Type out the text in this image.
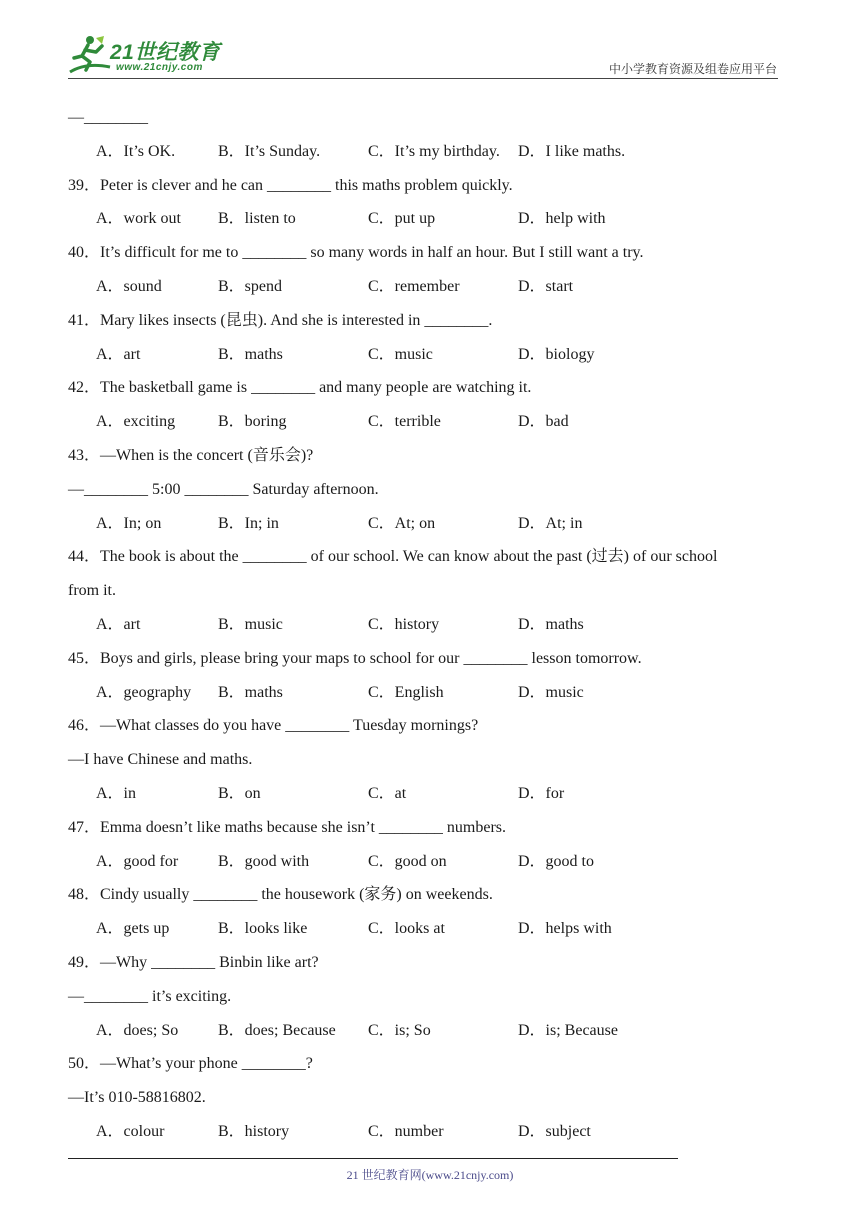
21世纪教育
www.21cnjy.com	中小学教育资源及组卷应用平台
—________
A．It’s OK.	B．It’s Sunday.	C．It’s my birthday. D．I like maths.
39．Peter is clever and he can ________ this maths problem quickly.
A．work out B．listen to	C．put up	D．help with
40．It’s difficult for me to ________ so many words in half an hour. But I still want a try.
A．sound	B．spend	C．remember	D．start
41．Mary likes insects (昆虫). And she is interested in ________.
A．art	B．maths	C．music	D．biology
42．The basketball game is ________ and many people are watching it.
A．exciting	B．boring	C．terrible	D．bad
43．—When is the concert (音乐会)?
—________ 5:00 ________ Saturday afternoon.
A．In; on	B．In; in	C．At; on	D．At; in
44．The book is about the ________ of our school. We can know about the past (过去) of our school
from it.
A．art	B．music	C．history	D．maths
45．Boys and girls, please bring your maps to school for our ________ lesson tomorrow.
A．geography B．maths	C．English	D．music
46．—What classes do you have ________ Tuesday mornings?
—I have Chinese and maths.
A．in	B．on	C．at	D．for
47．Emma doesn’t like maths because she isn’t ________ numbers.
A．good for B．good with	C．good on	D．good to
48．Cindy usually ________ the housework (家务) on weekends.
A．gets up	B．looks like	C．looks at	D．helps with
49．—Why ________ Binbin like art?
—________ it’s exciting.
A．does; So B．does; Because C．is; So	D．is; Because
50．—What’s your phone ________?
—It’s 010-58816802.
A．colour	B．history	C．number	D．subject
21 世纪教育网(www.21cnjy.com)
